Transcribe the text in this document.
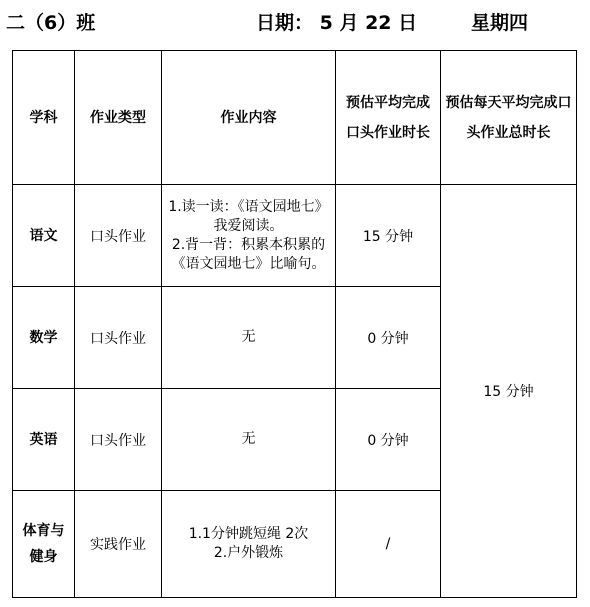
二（6）班	日期： 5 月 22 日	星期四
学科	作业类型	作业内容	预估平均完成口头作业时长	预估每天平均完成口头作业总时长
语文	口头作业	1.读一读：《语文园地七》
我爱阅读。
2.背一背：积累本积累的
《语文园地七》比喻句。	15 分钟	15 分钟
数学	口头作业	无	0 分钟	
英语	口头作业	无	0 分钟	
体育与健身	实践作业	1.1分钟跳短绳 2次
2.户外锻炼	/	
